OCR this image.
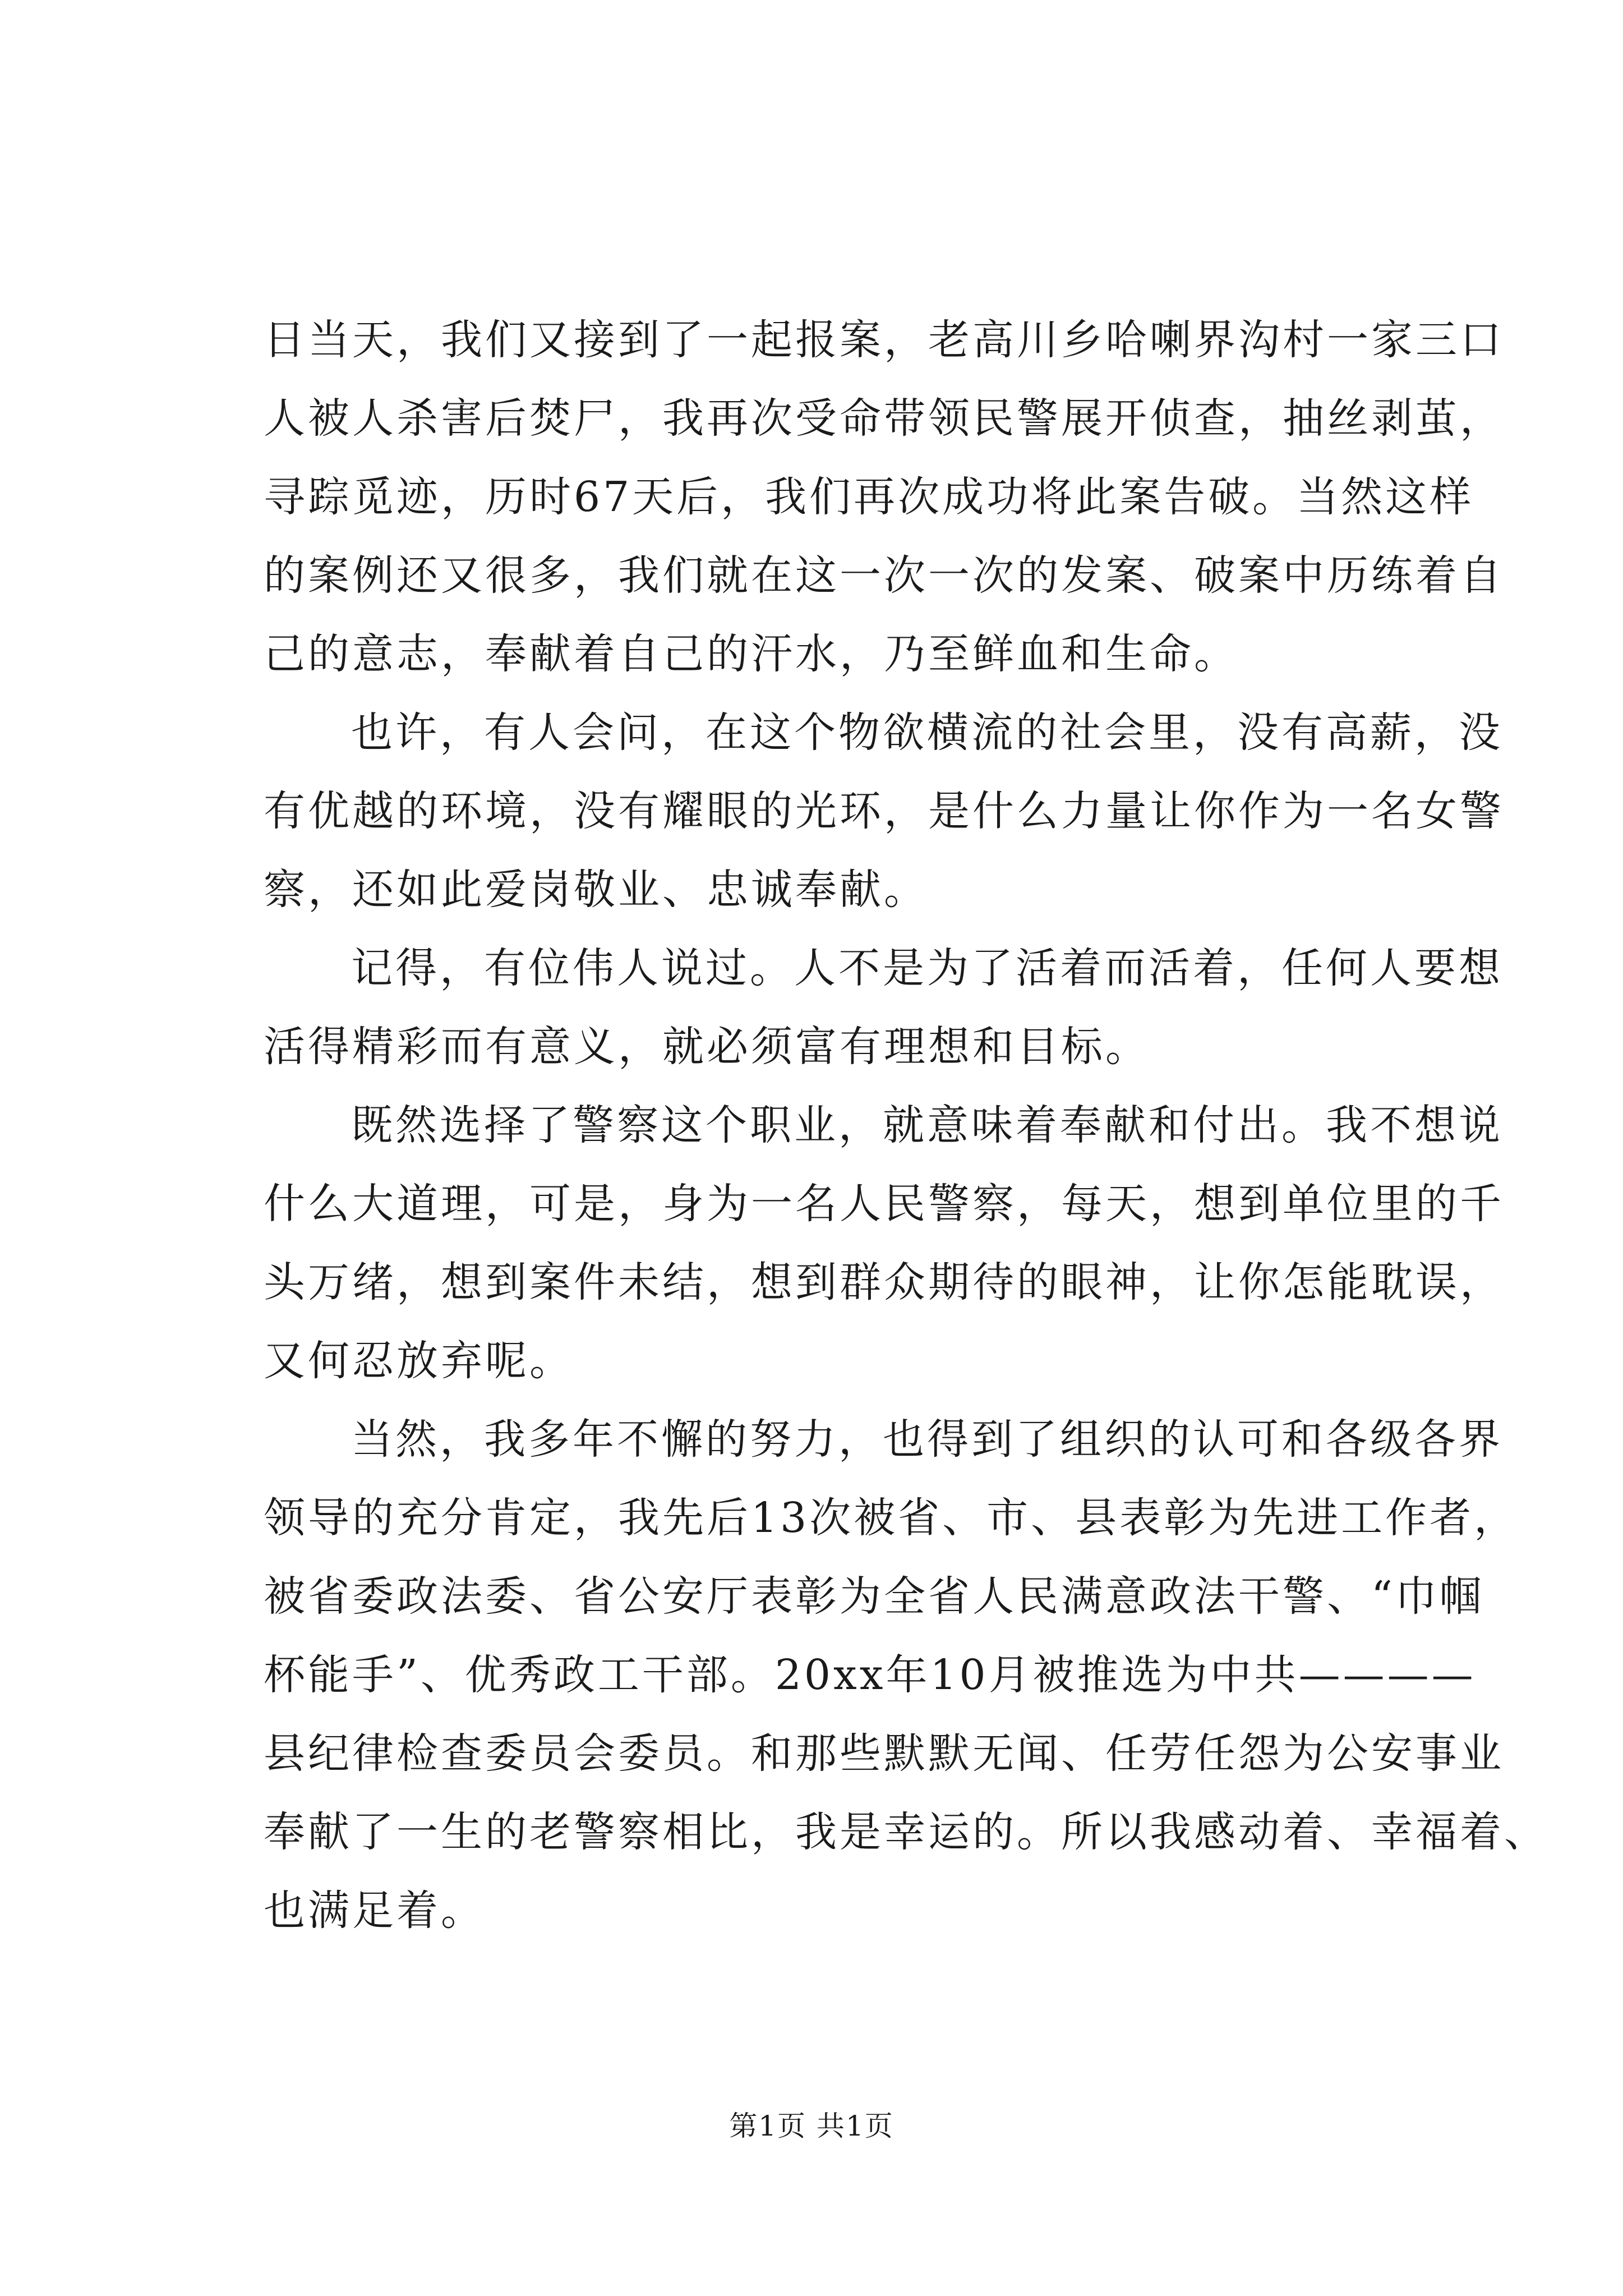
日当天，我们又接到了一起报案，老高川乡哈喇界沟村一家三口
人被人杀害后焚尸，我再次受命带领民警展开侦查，抽丝剥茧，
寻踪觅迹，历时67天后，我们再次成功将此案告破。当然这样
的案例还又很多，我们就在这一次一次的发案、破案中历练着自
己的意志，奉献着自己的汗水，乃至鲜血和生命。
也许，有人会问，在这个物欲横流的社会里，没有高薪，没
有优越的环境，没有耀眼的光环，是什么力量让你作为一名女警
察，还如此爱岗敬业、忠诚奉献。
记得，有位伟人说过。人不是为了活着而活着，任何人要想
活得精彩而有意义，就必须富有理想和目标。
既然选择了警察这个职业，就意味着奉献和付出。我不想说
什么大道理，可是，身为一名人民警察，每天，想到单位里的千
头万绪，想到案件未结，想到群众期待的眼神，让你怎能耽误，
又何忍放弃呢。
当然，我多年不懈的努力，也得到了组织的认可和各级各界
领导的充分肯定，我先后13次被省、市、县表彰为先进工作者，
被省委政法委、省公安厅表彰为全省人民满意政法干警、“巾帼
杯能手”、优秀政工干部。20xx年10月被推选为中共————
县纪律检查委员会委员。和那些默默无闻、任劳任怨为公安事业
奉献了一生的老警察相比，我是幸运的。所以我感动着、幸福着、
也满足着。
第1页 共1页
